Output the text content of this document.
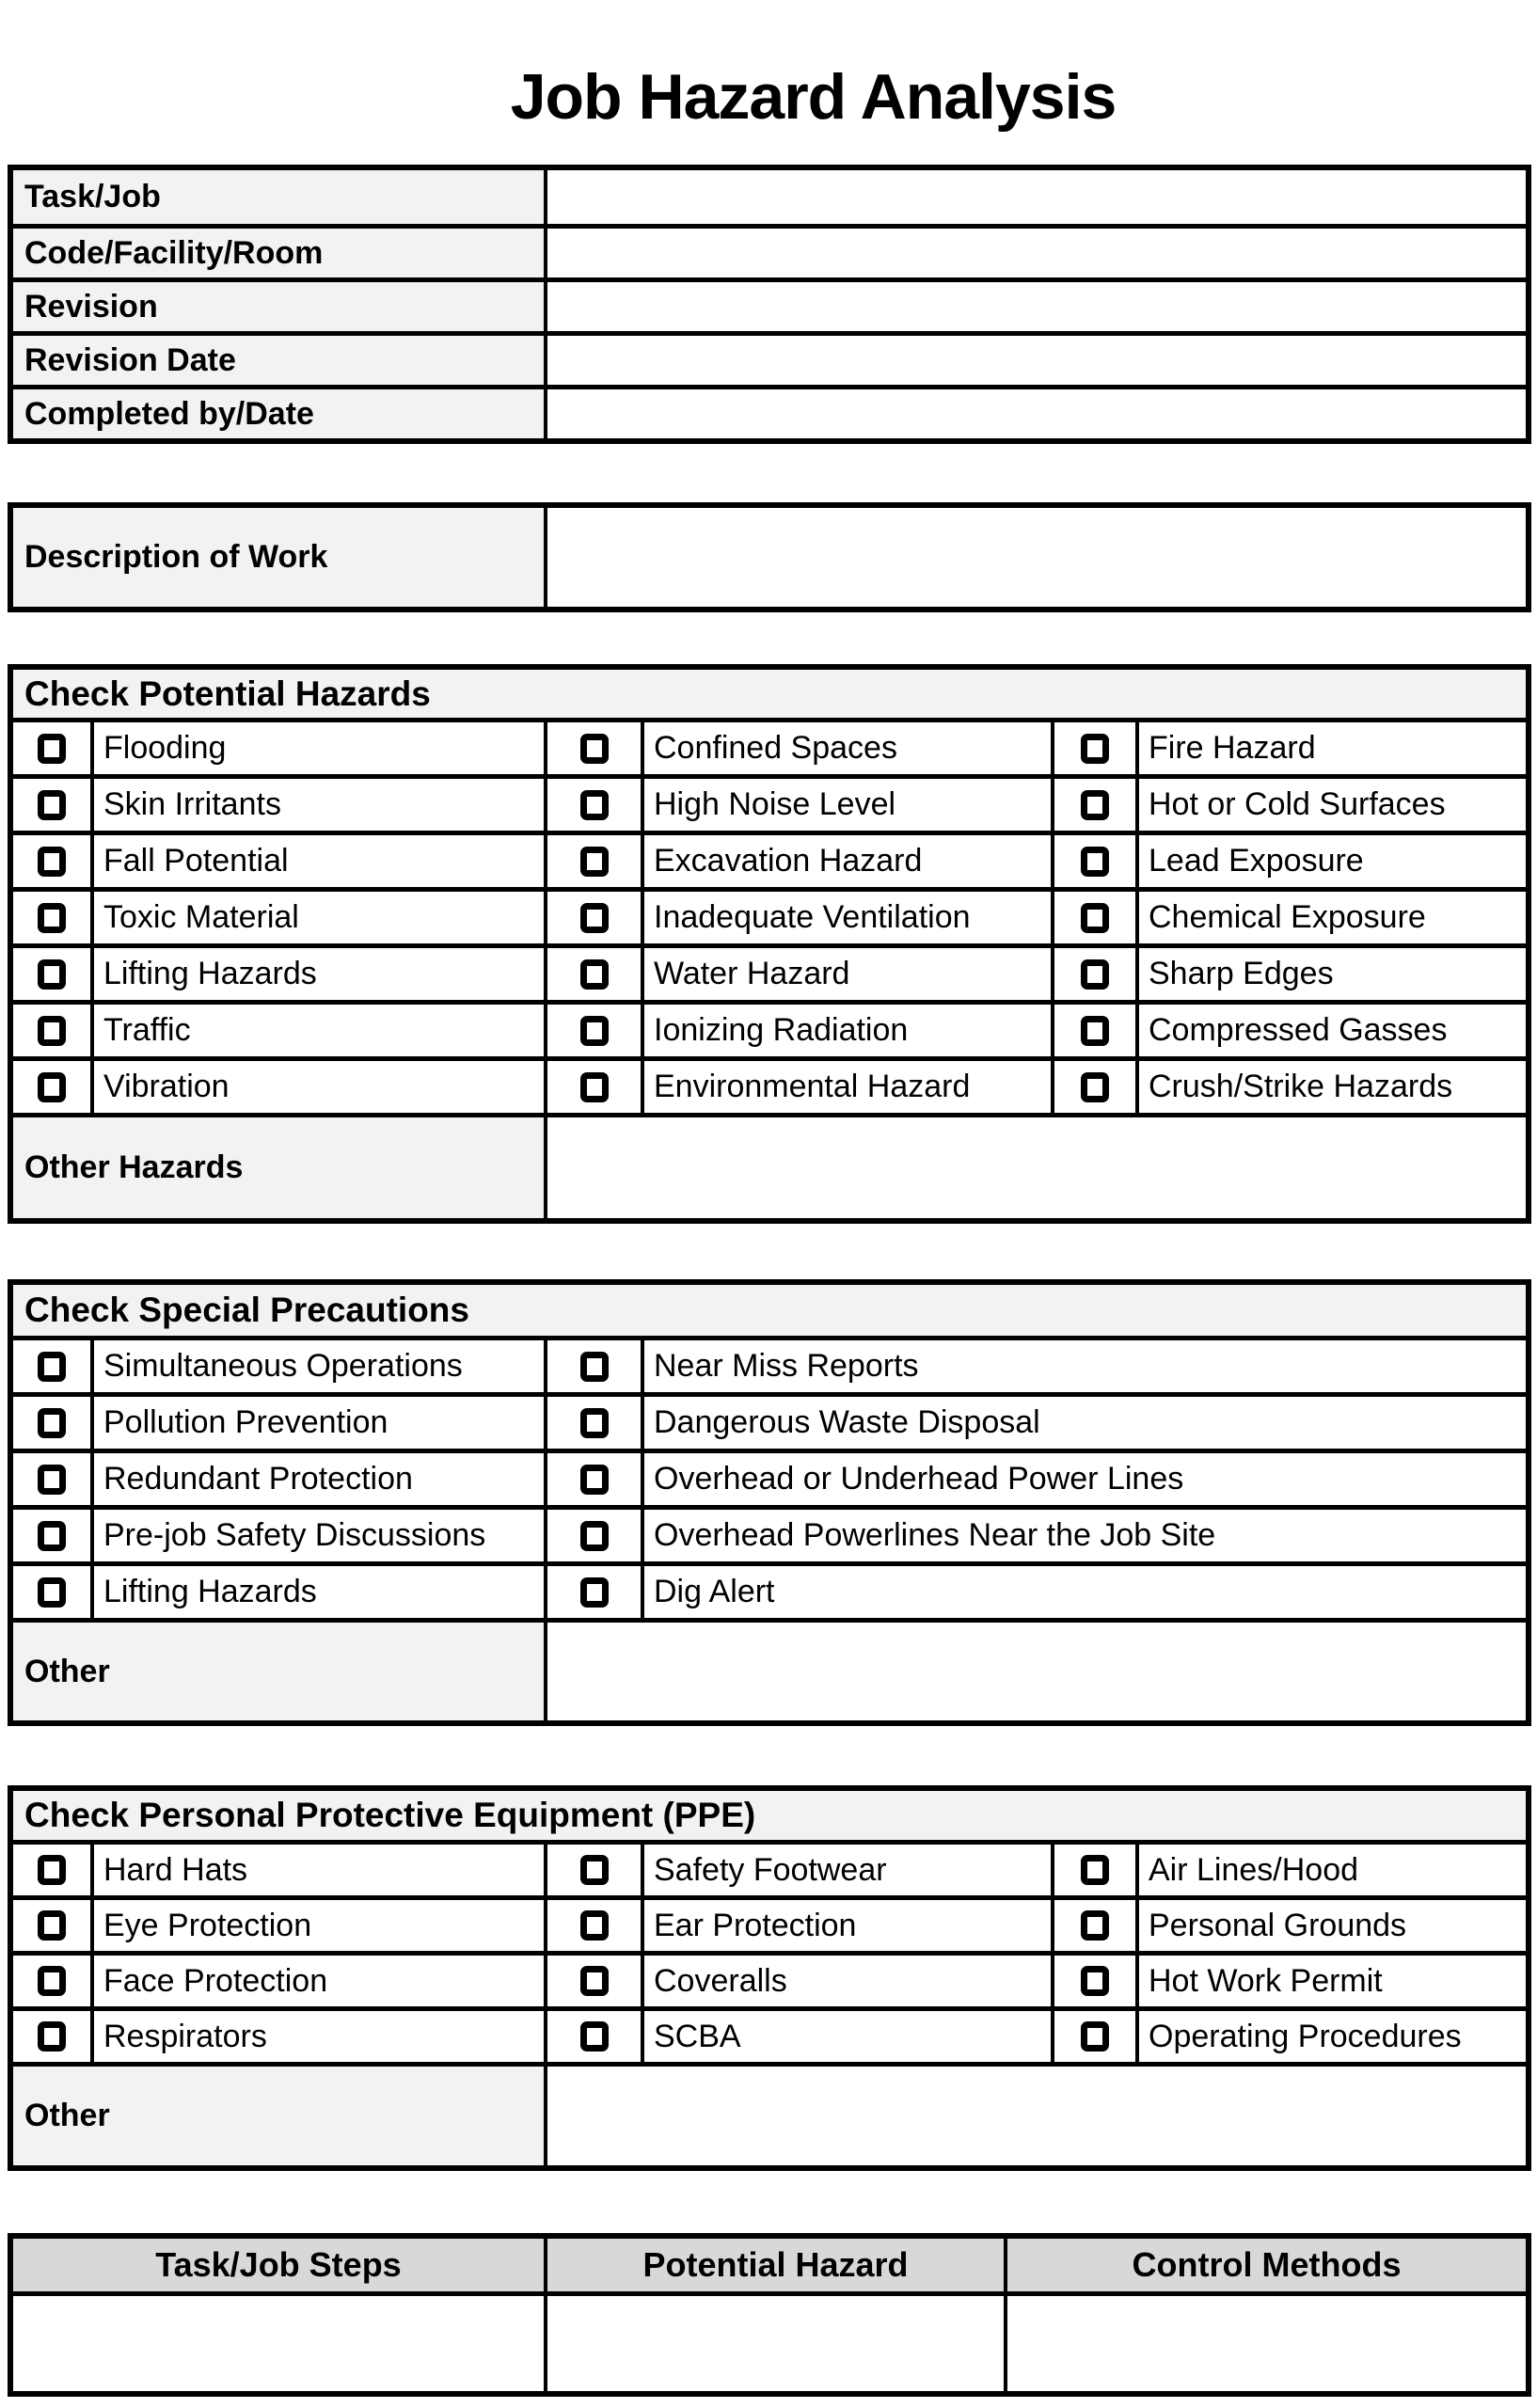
Job Hazard Analysis
Task/Job
Code/Facility/Room
Revision
Revision Date
Completed by/Date
Description of Work
Check Potential Hazards
Flooding	Confined Spaces	Fire Hazard
Skin Irritants	High Noise Level	Hot or Cold Surfaces
Fall Potential	Excavation Hazard	Lead Exposure
Toxic Material	Inadequate Ventilation	Chemical Exposure
Lifting Hazards	Water Hazard	Sharp Edges
Traffic	Ionizing Radiation	Compressed Gasses
Vibration	Environmental Hazard	Crush/Strike Hazards
Other Hazards
Check Special Precautions
Simultaneous Operations	Near Miss Reports
Pollution Prevention	Dangerous Waste Disposal
Redundant Protection	Overhead or Underhead Power Lines
Pre-job Safety Discussions	Overhead Powerlines Near the Job Site
Lifting Hazards	Dig Alert
Other
Check Personal Protective Equipment (PPE)
Hard Hats	Safety Footwear	Air Lines/Hood
Eye Protection	Ear Protection	Personal Grounds
Face Protection	Coveralls	Hot Work Permit
Respirators	SCBA	Operating Procedures
Other
Task/Job Steps	Potential Hazard	Control Methods
